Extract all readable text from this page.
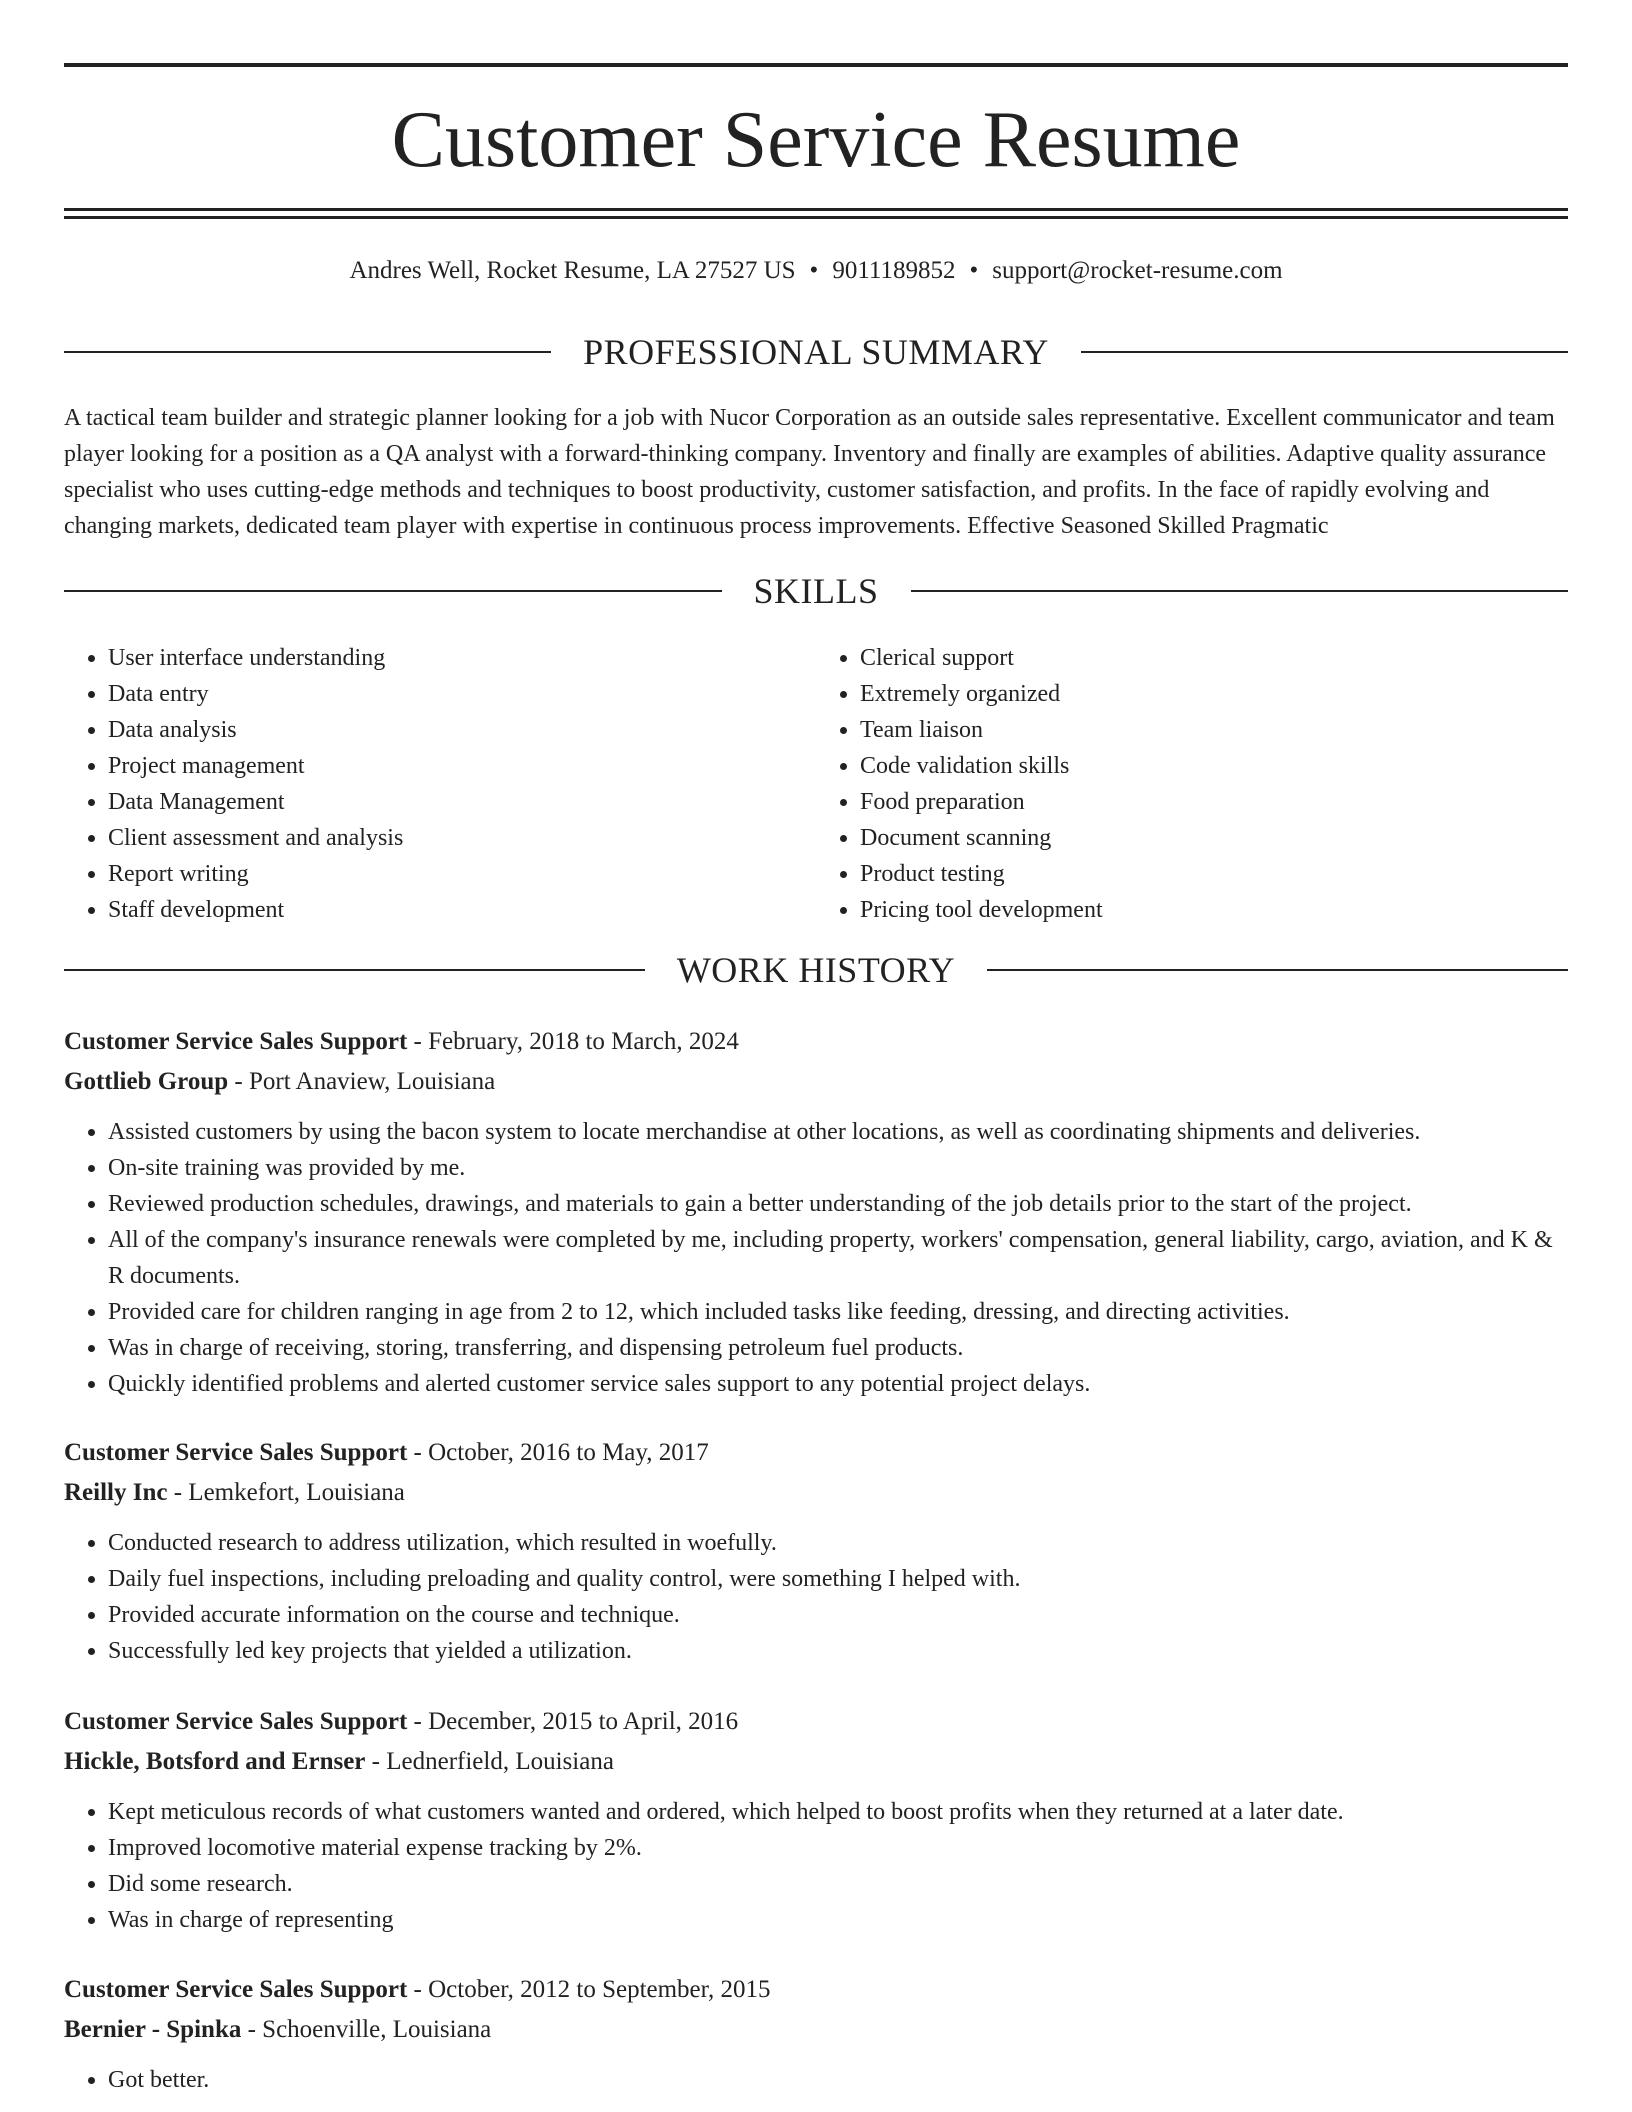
Customer Service Resume
Andres Well, Rocket Resume, LA 27527 US • 9011189852 • support@rocket-resume.com
PROFESSIONAL SUMMARY

A tactical team builder and strategic planner looking for a job with Nucor Corporation as an outside sales representative. Excellent communicator and team player looking for a position as a QA analyst with a forward-thinking company. Inventory and finally are examples of abilities. Adaptive quality assurance specialist who uses cutting-edge methods and techniques to boost productivity, customer satisfaction, and profits. In the face of rapidly evolving and changing markets, dedicated team player with expertise in continuous process improvements. Effective Seasoned Skilled Pragmatic

SKILLS
• User interface understanding
• Data entry
• Data analysis
• Project management
• Data Management
• Client assessment and analysis
• Report writing
• Staff development
• Clerical support
• Extremely organized
• Team liaison
• Code validation skills
• Food preparation
• Document scanning
• Product testing
• Pricing tool development
WORK HISTORY
Customer Service Sales Support - February, 2018 to March, 2024
Gottlieb Group - Port Anaview, Louisiana
• Assisted customers by using the bacon system to locate merchandise at other locations, as well as coordinating shipments and deliveries.
• On-site training was provided by me.
• Reviewed production schedules, drawings, and materials to gain a better understanding of the job details prior to the start of the project.
• All of the company's insurance renewals were completed by me, including property, workers' compensation, general liability, cargo, aviation, and K & R documents.
• Provided care for children ranging in age from 2 to 12, which included tasks like feeding, dressing, and directing activities.
• Was in charge of receiving, storing, transferring, and dispensing petroleum fuel products.
• Quickly identified problems and alerted customer service sales support to any potential project delays.
Customer Service Sales Support - October, 2016 to May, 2017
Reilly Inc - Lemkefort, Louisiana
• Conducted research to address utilization, which resulted in woefully.
• Daily fuel inspections, including preloading and quality control, were something I helped with.
• Provided accurate information on the course and technique.
• Successfully led key projects that yielded a utilization.
Customer Service Sales Support - December, 2015 to April, 2016
Hickle, Botsford and Ernser - Lednerfield, Louisiana
• Kept meticulous records of what customers wanted and ordered, which helped to boost profits when they returned at a later date.
• Improved locomotive material expense tracking by 2%.
• Did some research.
• Was in charge of representing
Customer Service Sales Support - October, 2012 to September, 2015
Bernier - Spinka - Schoenville, Louisiana
• Got better.
